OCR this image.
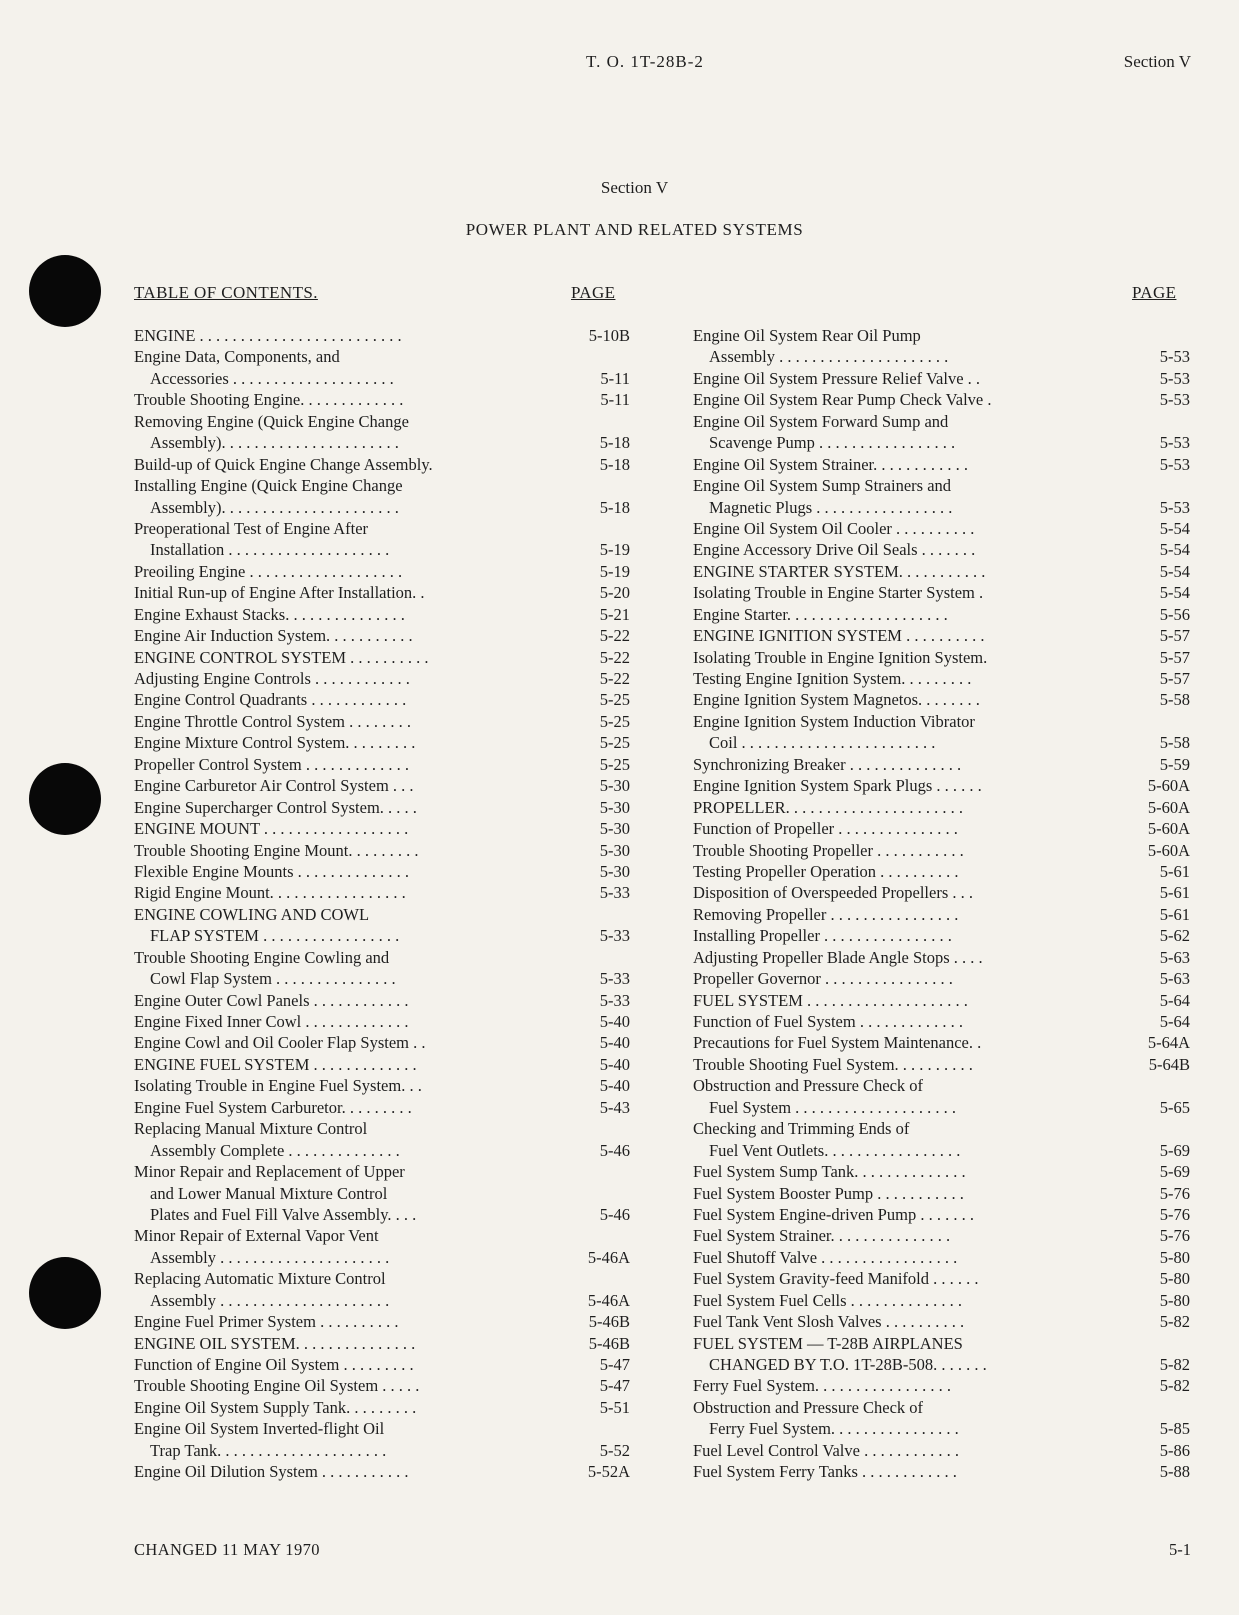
T. O. 1T-28B-2	Section V
Section V
POWER PLANT AND RELATED SYSTEMS
TABLE OF CONTENTS.	PAGE	PAGE
ENGINE . . . . . . . . . . . . . . . . . . . . . . . . .	5-10B
Engine Data, Components, and
Accessories . . . . . . . . . . . . . . . . . . . .	5-11
Trouble Shooting Engine. . . . . . . . . . . . .	5-11
Removing Engine (Quick Engine Change
Assembly). . . . . . . . . . . . . . . . . . . . . .	5-18
Build-up of Quick Engine Change Assembly.	5-18
Installing Engine (Quick Engine Change
Assembly). . . . . . . . . . . . . . . . . . . . . .	5-18
Preoperational Test of Engine After
Installation . . . . . . . . . . . . . . . . . . . .	5-19
Preoiling Engine . . . . . . . . . . . . . . . . . . .	5-19
Initial Run-up of Engine After Installation. .	5-20
Engine Exhaust Stacks. . . . . . . . . . . . . . .	5-21
Engine Air Induction System. . . . . . . . . . .	5-22
ENGINE CONTROL SYSTEM . . . . . . . . . .	5-22
Adjusting Engine Controls . . . . . . . . . . . .	5-22
Engine Control Quadrants . . . . . . . . . . . .	5-25
Engine Throttle Control System . . . . . . . .	5-25
Engine Mixture Control System. . . . . . . . .	5-25
Propeller Control System . . . . . . . . . . . . .	5-25
Engine Carburetor Air Control System . . .	5-30
Engine Supercharger Control System. . . . .	5-30
ENGINE MOUNT . . . . . . . . . . . . . . . . . .	5-30
Trouble Shooting Engine Mount. . . . . . . . .	5-30
Flexible Engine Mounts . . . . . . . . . . . . . .	5-30
Rigid Engine Mount. . . . . . . . . . . . . . . . .	5-33
ENGINE COWLING AND COWL
FLAP SYSTEM . . . . . . . . . . . . . . . . .	5-33
Trouble Shooting Engine Cowling and
Cowl Flap System . . . . . . . . . . . . . . .	5-33
Engine Outer Cowl Panels . . . . . . . . . . . .	5-33
Engine Fixed Inner Cowl . . . . . . . . . . . . .	5-40
Engine Cowl and Oil Cooler Flap System . .	5-40
ENGINE FUEL SYSTEM . . . . . . . . . . . . .	5-40
Isolating Trouble in Engine Fuel System. . .	5-40
Engine Fuel System Carburetor. . . . . . . . .	5-43
Replacing Manual Mixture Control
Assembly Complete . . . . . . . . . . . . . .	5-46
Minor Repair and Replacement of Upper
and Lower Manual Mixture Control
Plates and Fuel Fill Valve Assembly. . . .	5-46
Minor Repair of External Vapor Vent
Assembly . . . . . . . . . . . . . . . . . . . . .	5-46A
Replacing Automatic Mixture Control
Assembly . . . . . . . . . . . . . . . . . . . . .	5-46A
Engine Fuel Primer System . . . . . . . . . .	5-46B
ENGINE OIL SYSTEM. . . . . . . . . . . . . . .	5-46B
Function of Engine Oil System . . . . . . . . .	5-47
Trouble Shooting Engine Oil System . . . . .	5-47
Engine Oil System Supply Tank. . . . . . . . .	5-51
Engine Oil System Inverted-flight Oil
Trap Tank. . . . . . . . . . . . . . . . . . . . .	5-52
Engine Oil Dilution System . . . . . . . . . . .	5-52A
Engine Oil System Rear Oil Pump
Assembly . . . . . . . . . . . . . . . . . . . . .	5-53
Engine Oil System Pressure Relief Valve . .	5-53
Engine Oil System Rear Pump Check Valve .	5-53
Engine Oil System Forward Sump and
Scavenge Pump . . . . . . . . . . . . . . . . .	5-53
Engine Oil System Strainer. . . . . . . . . . . .	5-53
Engine Oil System Sump Strainers and
Magnetic Plugs . . . . . . . . . . . . . . . . .	5-53
Engine Oil System Oil Cooler . . . . . . . . . .	5-54
Engine Accessory Drive Oil Seals . . . . . . .	5-54
ENGINE STARTER SYSTEM. . . . . . . . . . .	5-54
Isolating Trouble in Engine Starter System .	5-54
Engine Starter. . . . . . . . . . . . . . . . . . . .	5-56
ENGINE IGNITION SYSTEM . . . . . . . . . .	5-57
Isolating Trouble in Engine Ignition System.	5-57
Testing Engine Ignition System. . . . . . . . .	5-57
Engine Ignition System Magnetos. . . . . . . .	5-58
Engine Ignition System Induction Vibrator
Coil . . . . . . . . . . . . . . . . . . . . . . . .	5-58
Synchronizing Breaker . . . . . . . . . . . . . .	5-59
Engine Ignition System Spark Plugs . . . . . .	5-60A
PROPELLER. . . . . . . . . . . . . . . . . . . . . .	5-60A
Function of Propeller . . . . . . . . . . . . . . .	5-60A
Trouble Shooting Propeller . . . . . . . . . . .	5-60A
Testing Propeller Operation . . . . . . . . . .	5-61
Disposition of Overspeeded Propellers . . .	5-61
Removing Propeller . . . . . . . . . . . . . . . .	5-61
Installing Propeller . . . . . . . . . . . . . . . .	5-62
Adjusting Propeller Blade Angle Stops . . . .	5-63
Propeller Governor . . . . . . . . . . . . . . . .	5-63
FUEL SYSTEM . . . . . . . . . . . . . . . . . . . .	5-64
Function of Fuel System . . . . . . . . . . . . .	5-64
Precautions for Fuel System Maintenance. .	5-64A
Trouble Shooting Fuel System. . . . . . . . . .	5-64B
Obstruction and Pressure Check of
Fuel System . . . . . . . . . . . . . . . . . . . .	5-65
Checking and Trimming Ends of
Fuel Vent Outlets. . . . . . . . . . . . . . . . .	5-69
Fuel System Sump Tank. . . . . . . . . . . . . .	5-69
Fuel System Booster Pump . . . . . . . . . . .	5-76
Fuel System Engine-driven Pump . . . . . . .	5-76
Fuel System Strainer. . . . . . . . . . . . . . .	5-76
Fuel Shutoff Valve . . . . . . . . . . . . . . . . .	5-80
Fuel System Gravity-feed Manifold . . . . . .	5-80
Fuel System Fuel Cells . . . . . . . . . . . . . .	5-80
Fuel Tank Vent Slosh Valves . . . . . . . . . .	5-82
FUEL SYSTEM — T-28B AIRPLANES
CHANGED BY T.O. 1T-28B-508. . . . . . .	5-82
Ferry Fuel System. . . . . . . . . . . . . . . . .	5-82
Obstruction and Pressure Check of
Ferry Fuel System. . . . . . . . . . . . . . . .	5-85
Fuel Level Control Valve . . . . . . . . . . . .	5-86
Fuel System Ferry Tanks . . . . . . . . . . . .	5-88
CHANGED 11 MAY 1970	5-1
